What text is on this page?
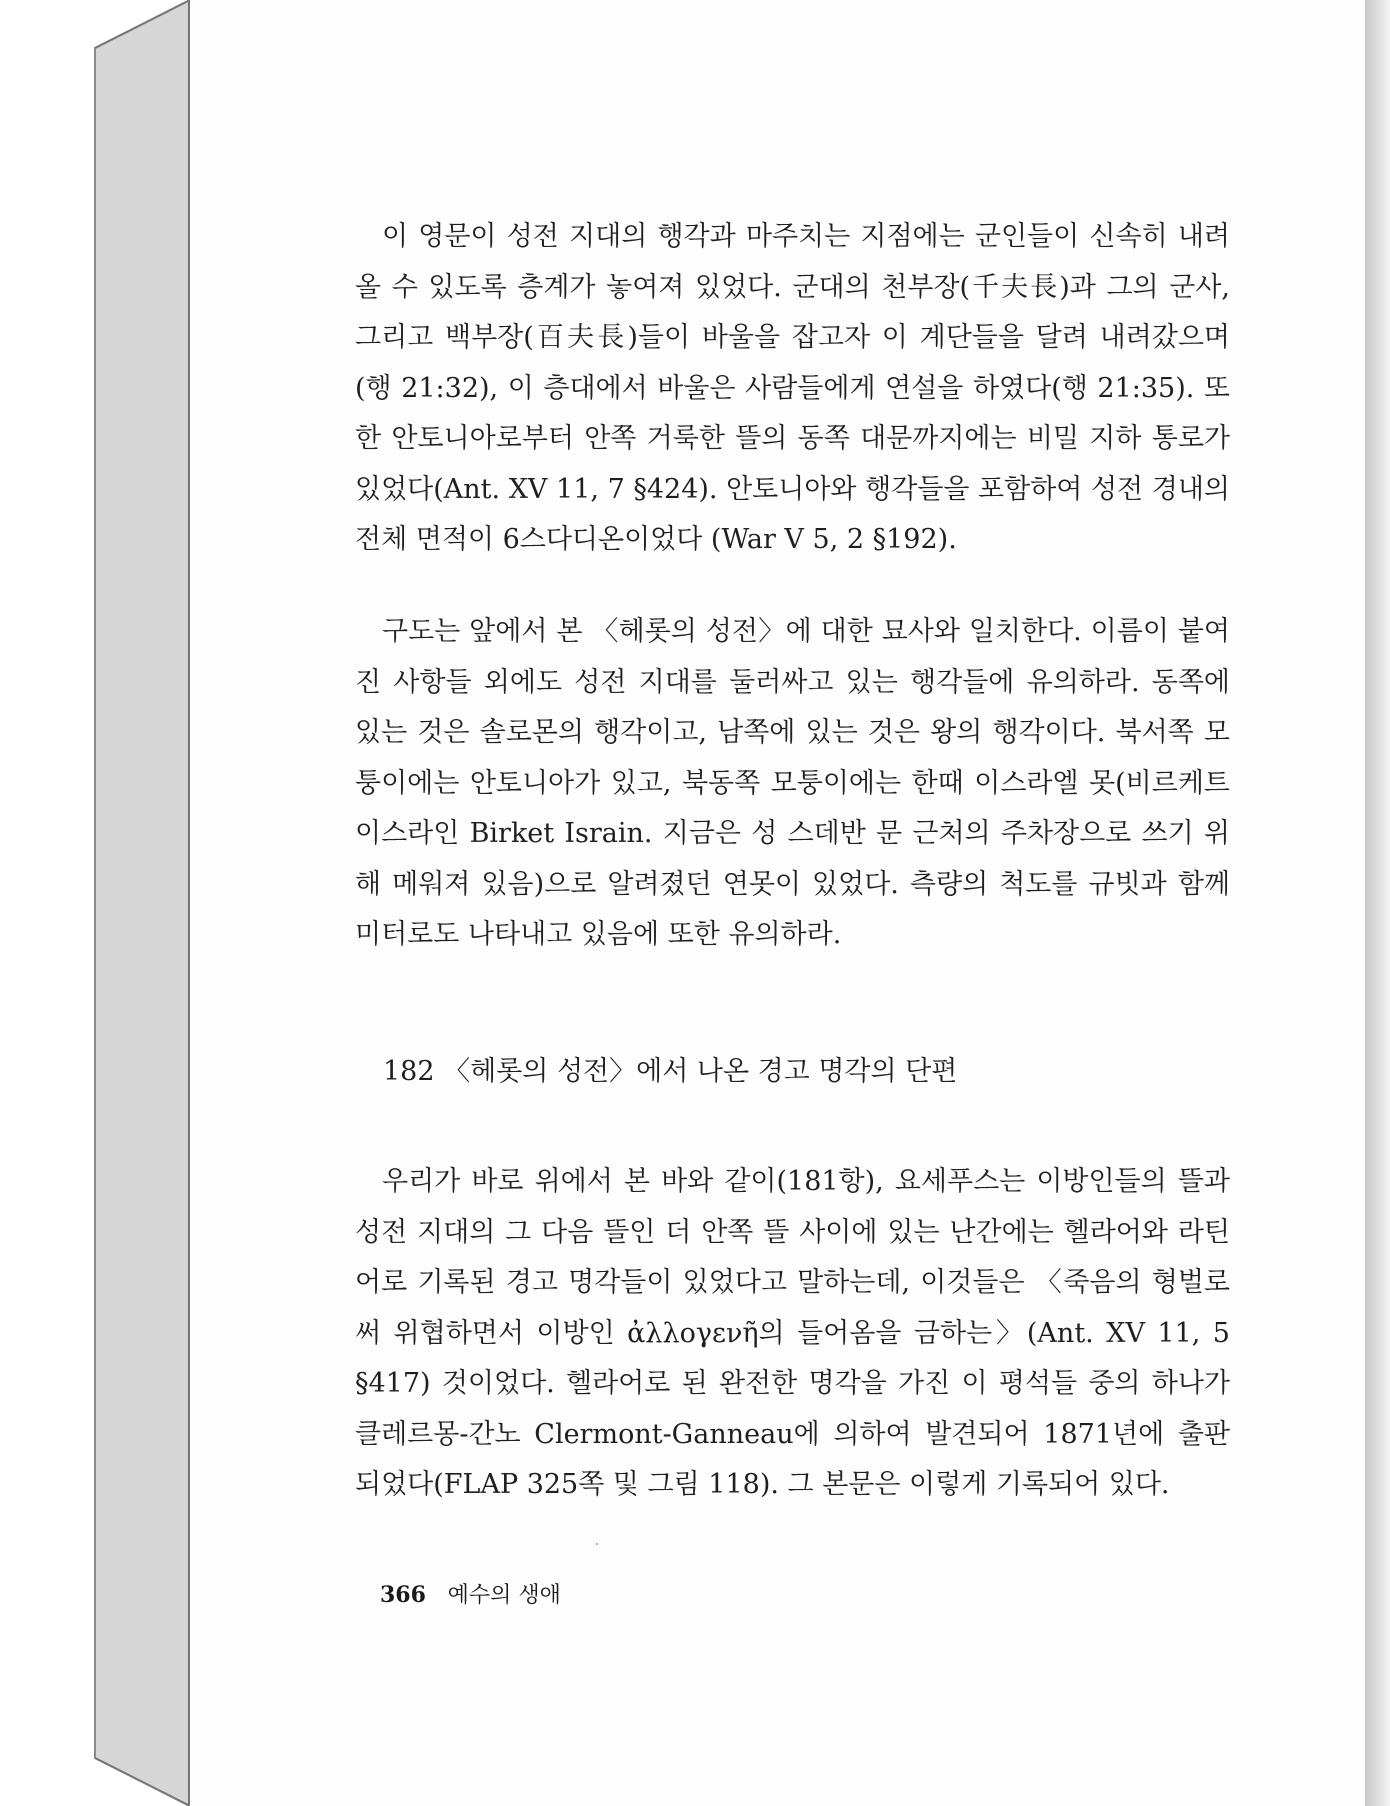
이 영문이 성전 지대의 행각과 마주치는 지점에는 군인들이 신속히 내려올 수 있도록 층계가 놓여져 있었다. 군대의 천부장(千夫長)과 그의 군사, 그리고 백부장(百夫長)들이 바울을 잡고자 이 계단들을 달려 내려갔으며(행 21:32), 이 층대에서 바울은 사람들에게 연설을 하였다(행 21:35). 또한 안토니아로부터 안쪽 거룩한 뜰의 동쪽 대문까지에는 비밀 지하 통로가 있었다(Ant. XV 11, 7 §424). 안토니아와 행각들을 포함하여 성전 경내의 전체 면적이 6스다디온이었다 (War V 5, 2 §192).

구도는 앞에서 본 〈헤롯의 성전〉에 대한 묘사와 일치한다. 이름이 붙여진 사항들 외에도 성전 지대를 둘러싸고 있는 행각들에 유의하라. 동쪽에 있는 것은 솔로몬의 행각이고, 남쪽에 있는 것은 왕의 행각이다. 북서쪽 모퉁이에는 안토니아가 있고, 북동쪽 모퉁이에는 한때 이스라엘 못(비르케트 이스라인 Birket Israin. 지금은 성 스데반 문 근처의 주차장으로 쓰기 위해 메워져 있음)으로 알려졌던 연못이 있었다. 측량의 척도를 규빗과 함께 미터로도 나타내고 있음에 또한 유의하라.

182 〈헤롯의 성전〉에서 나온 경고 명각의 단편

우리가 바로 위에서 본 바와 같이(181항), 요세푸스는 이방인들의 뜰과 성전 지대의 그 다음 뜰인 더 안쪽 뜰 사이에 있는 난간에는 헬라어와 라틴어로 기록된 경고 명각들이 있었다고 말하는데, 이것들은 〈죽음의 형벌로써 위협하면서 이방인 ἀλλογενῆ의 들어옴을 금하는〉(Ant. XV 11, 5 §417) 것이었다. 헬라어로 된 완전한 명각을 가진 이 평석들 중의 하나가 클레르몽-간노 Clermont-Ganneau에 의하여 발견되어 1871년에 출판되었다(FLAP 325쪽 및 그림 118). 그 본문은 이렇게 기록되어 있다.

366 예수의 생애
